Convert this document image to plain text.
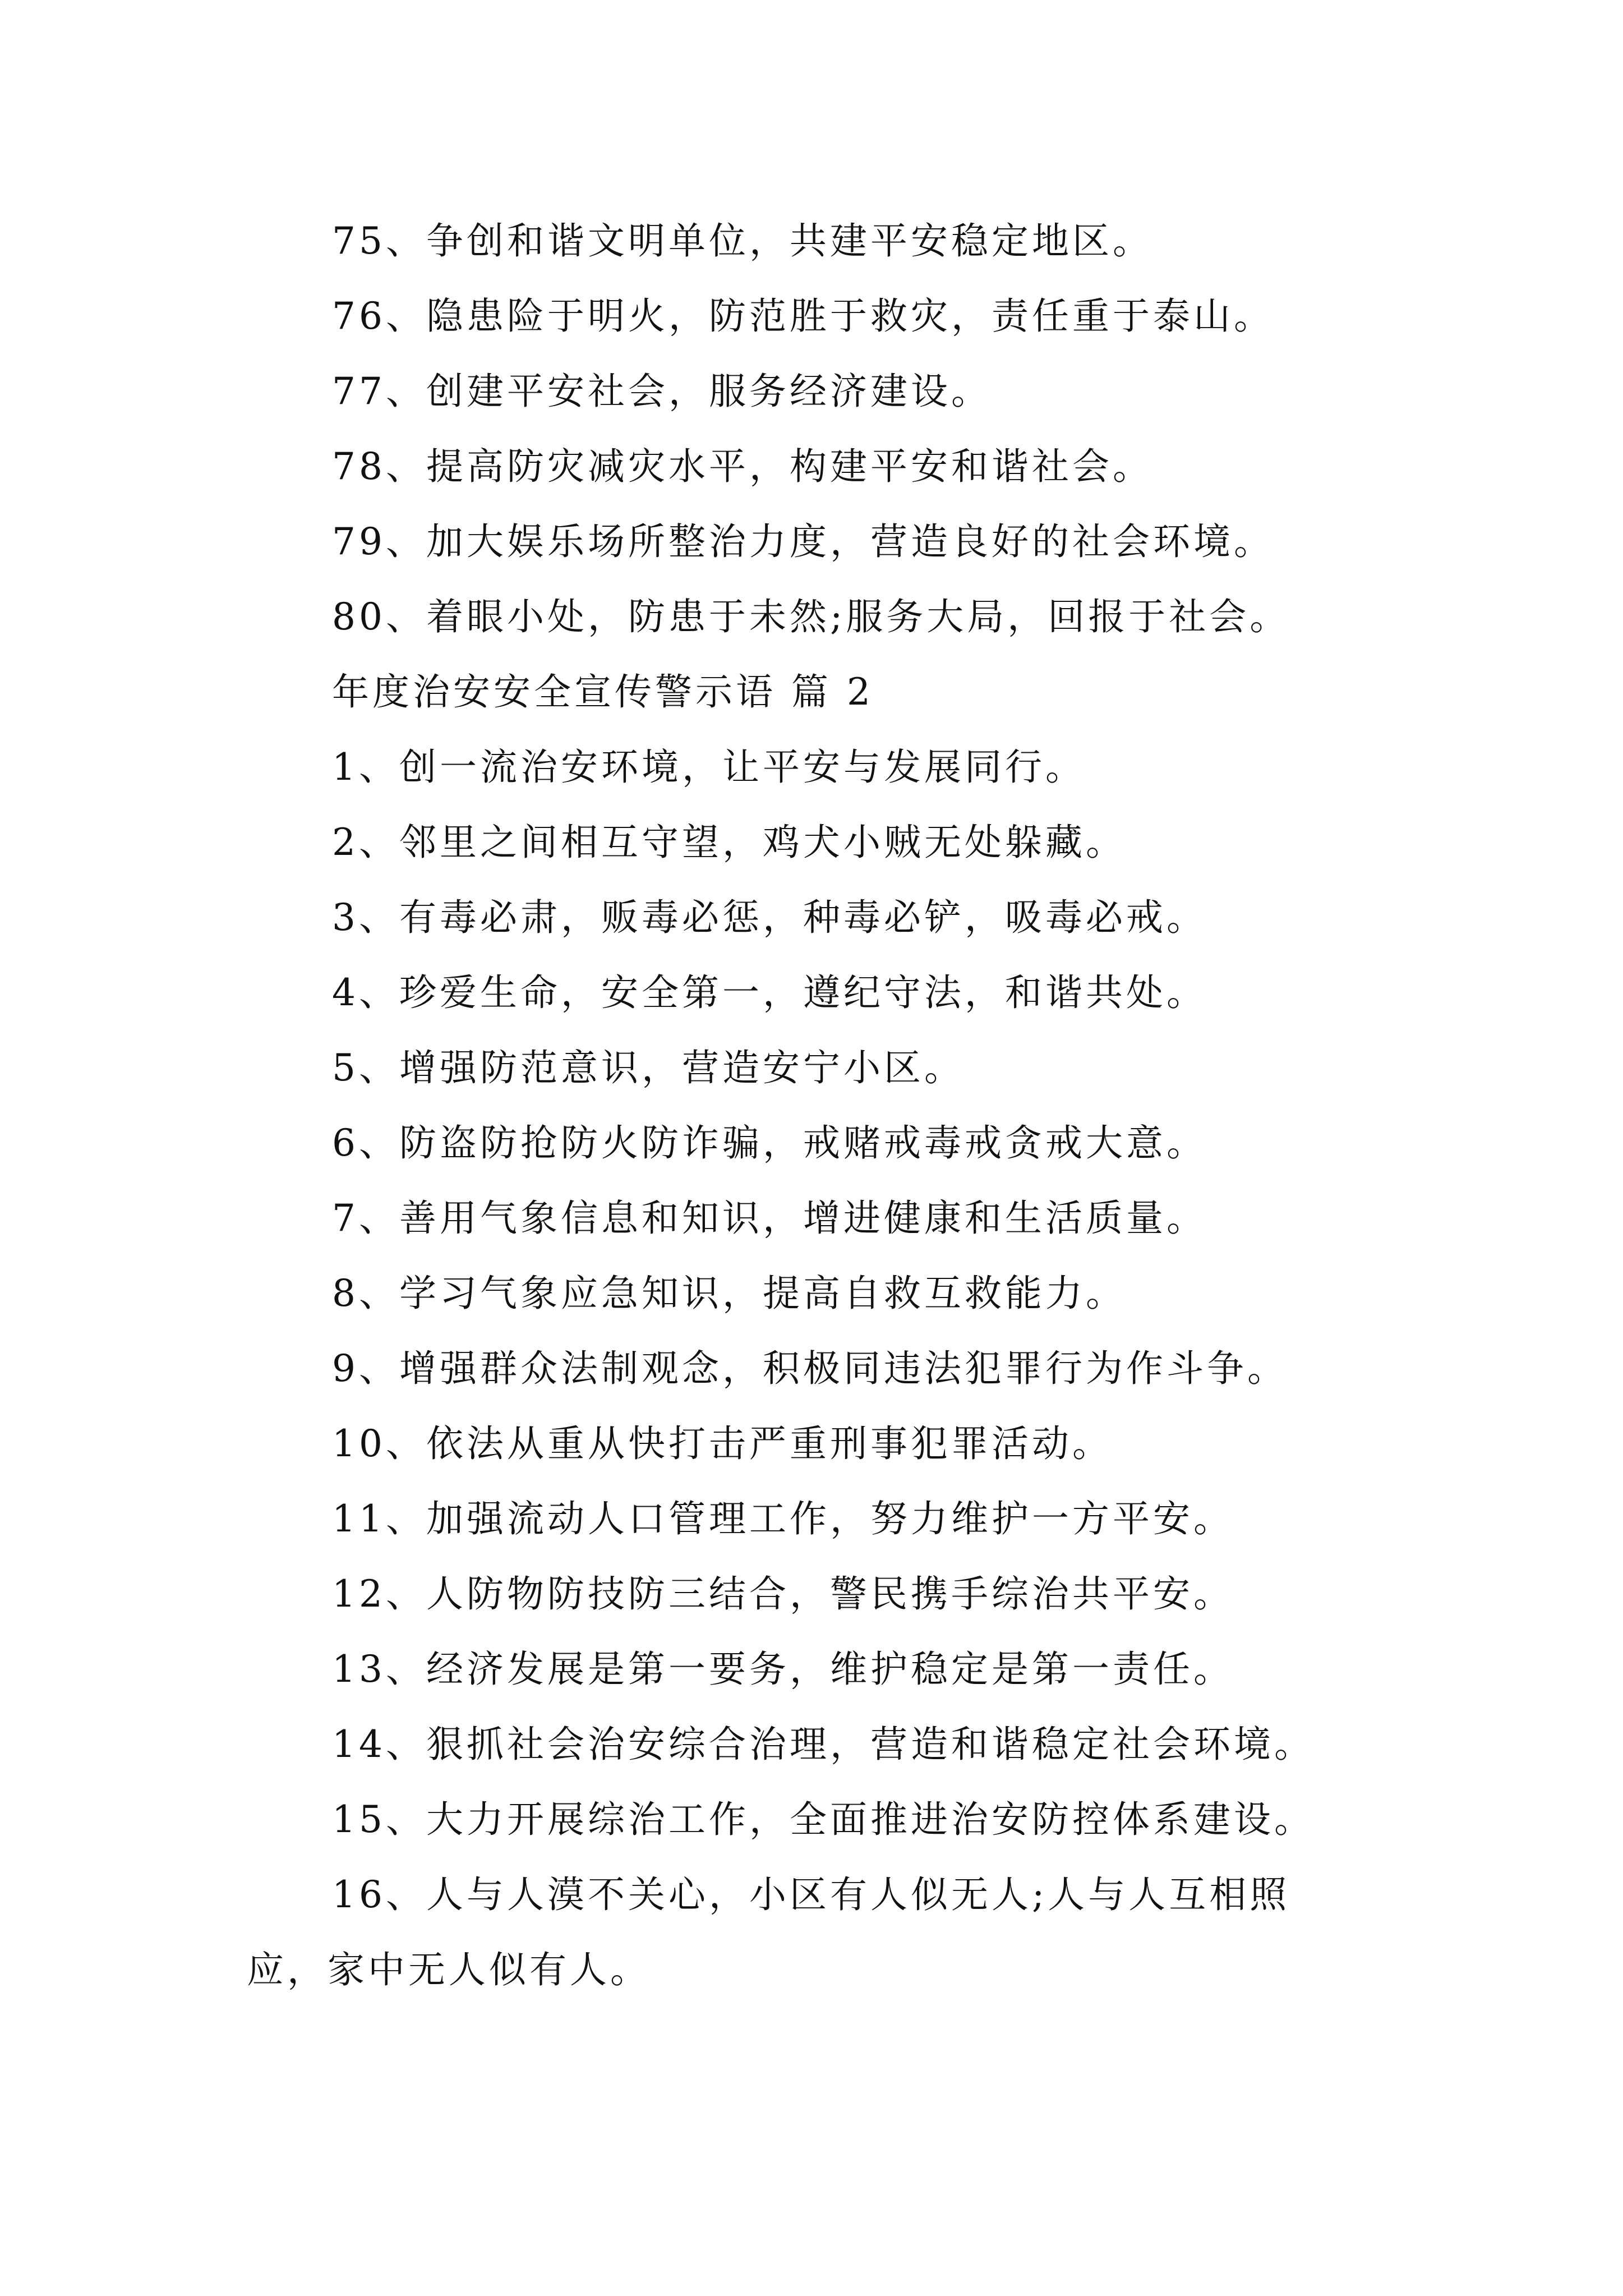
75、争创和谐文明单位，共建平安稳定地区。
76、隐患险于明火，防范胜于救灾，责任重于泰山。
77、创建平安社会，服务经济建设。
78、提高防灾减灾水平，构建平安和谐社会。
79、加大娱乐场所整治力度，营造良好的社会环境。
80、着眼小处，防患于未然;服务大局，回报于社会。
年度治安安全宣传警示语 篇 2
1、创一流治安环境，让平安与发展同行。
2、邻里之间相互守望，鸡犬小贼无处躲藏。
3、有毒必肃，贩毒必惩，种毒必铲，吸毒必戒。
4、珍爱生命，安全第一，遵纪守法，和谐共处。
5、增强防范意识，营造安宁小区。
6、防盗防抢防火防诈骗，戒赌戒毒戒贪戒大意。
7、善用气象信息和知识，增进健康和生活质量。
8、学习气象应急知识，提高自救互救能力。
9、增强群众法制观念，积极同违法犯罪行为作斗争。
10、依法从重从快打击严重刑事犯罪活动。
11、加强流动人口管理工作，努力维护一方平安。
12、人防物防技防三结合，警民携手综治共平安。
13、经济发展是第一要务，维护稳定是第一责任。
14、狠抓社会治安综合治理，营造和谐稳定社会环境。
15、大力开展综治工作，全面推进治安防控体系建设。
16、人与人漠不关心，小区有人似无人;人与人互相照
应，家中无人似有人。
